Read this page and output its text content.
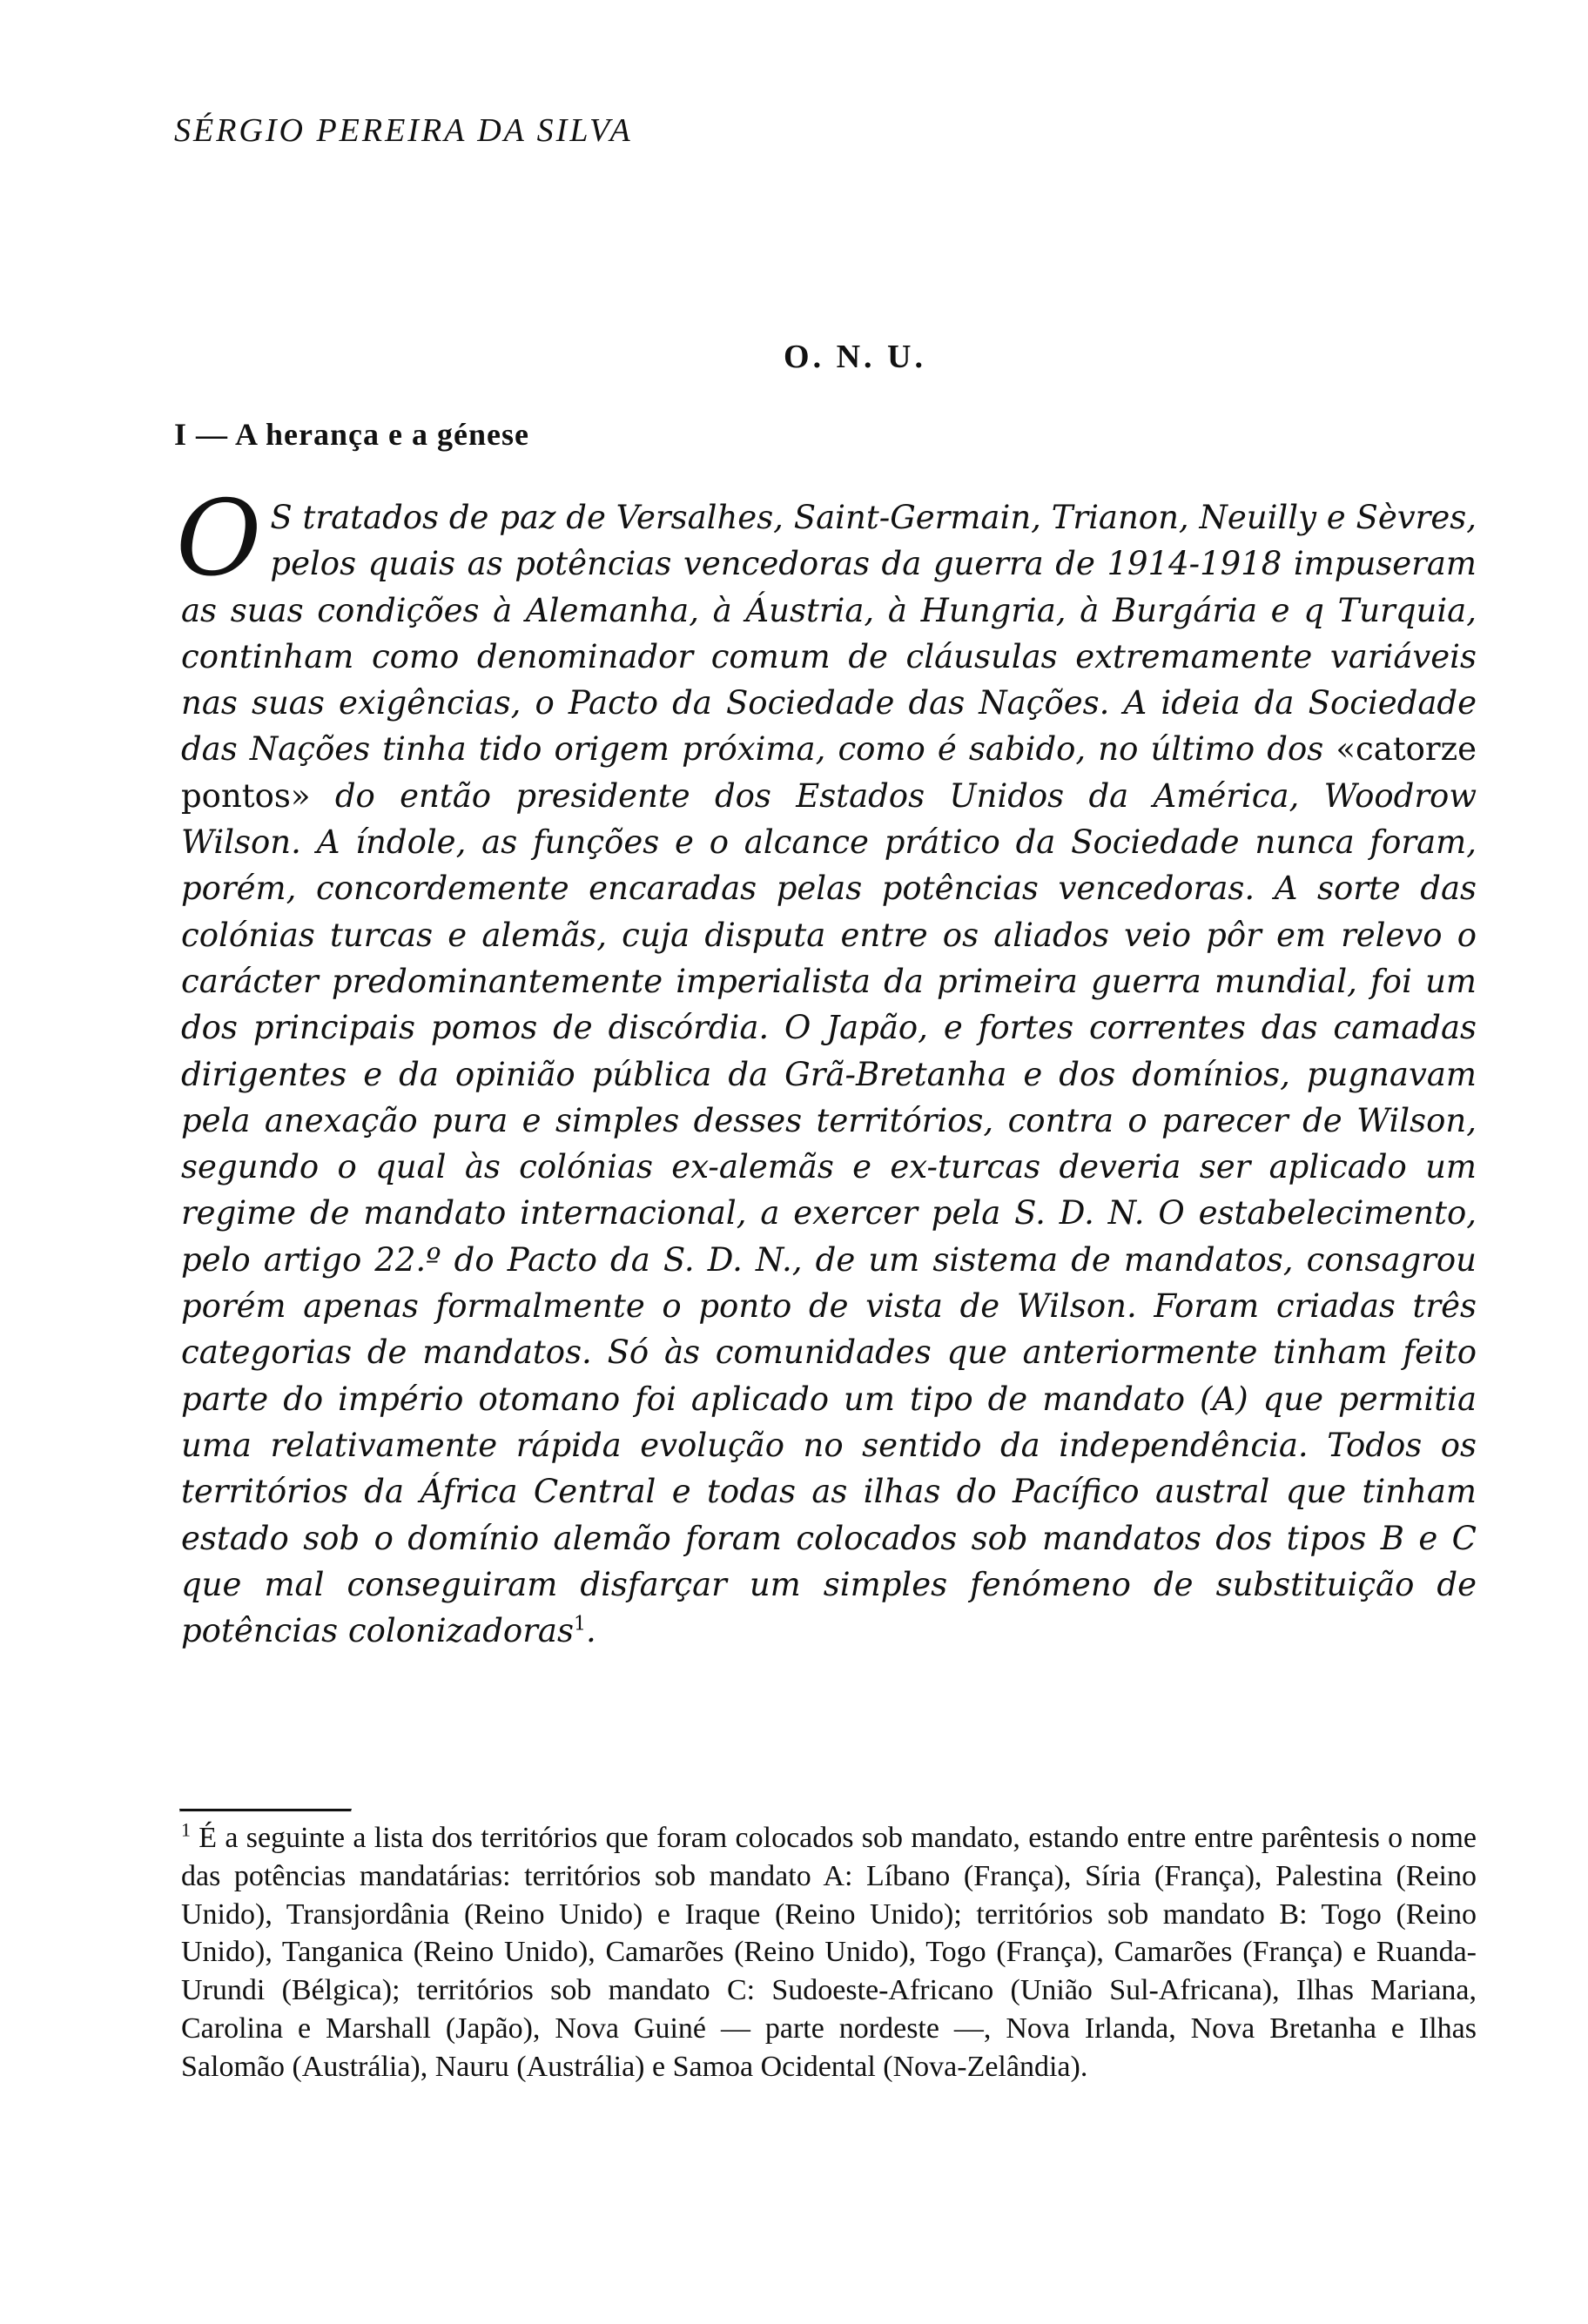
SÉRGIO PEREIRA DA SILVA

O. N. U.
I — A herança e a génese

O S tratados de paz de Versalhes, Saint-Germain, Trianon, Neuilly e Sèvres, pelos quais as potências vencedoras da guerra de 1914-1918 impuseram as suas condições à Alemanha, à Áustria, à Hungria, à Burgária e q Turquia, continham como denominador comum de cláusulas extremamente variáveis nas suas exigências, o Pacto da Sociedade das Nações. A ideia da Sociedade das Nações tinha tido origem próxima, como é sabido, no último dos «catorze pontos» do então presidente dos Estados Unidos da América, Woodrow Wilson. A índole, as funções e o alcance prático da Sociedade nunca foram, porém, concordemente encaradas pelas potências vencedoras. A sorte das colónias turcas e alemãs, cuja disputa entre os aliados veio pôr em relevo o carácter predominantemente imperialista da primeira guerra mundial, foi um dos principais pomos de discórdia. O Japão, e fortes correntes das camadas dirigentes e da opinião pública da Grã-Bretanha e dos domínios, pugnavam pela anexação pura e simples desses territórios, contra o parecer de Wilson, segundo o qual às colónias ex-alemãs e ex-turcas deveria ser aplicado um regime de mandato internacional, a exercer pela S. D. N. O estabelecimento, pelo artigo 22.º do Pacto da S. D. N., de um sistema de mandatos, consagrou porém apenas formalmente o ponto de vista de Wilson. Foram criadas três categorias de mandatos. Só às comunidades que anteriormente tinham feito parte do império otomano foi aplicado um tipo de mandato (A) que permitia uma relativamente rápida evolução no sentido da independência. Todos os territórios da África Central e todas as ilhas do Pacífico austral que tinham estado sob o domínio alemão foram colocados sob mandatos dos tipos B e C que mal conseguiram disfarçar um simples fenómeno de substituição de potências colonizadoras$^1$.

$^1$ É a seguinte a lista dos territórios que foram colocados sob mandato, estando entre entre parêntesis o nome das potências mandatárias: territórios sob mandato A: Líbano (França), Síria (França), Palestina (Reino Unido), Transjordânia (Reino Unido) e Iraque (Reino Unido); territórios sob mandato B: Togo (Reino Unido), Tanganica (Reino Unido), Camarões (Reino Unido), Togo (França), Camarões (França) e Ruanda-Urundi (Bélgica); territórios sob mandato C: Sudoeste-Africano (União Sul-Africana), Ilhas Mariana, Carolina e Marshall (Japão), Nova Guiné — parte nordeste —, Nova Irlanda, Nova Bretanha e Ilhas Salomão (Austrália), Nauru (Austrália) e Samoa Ocidental (Nova-Zelândia).
